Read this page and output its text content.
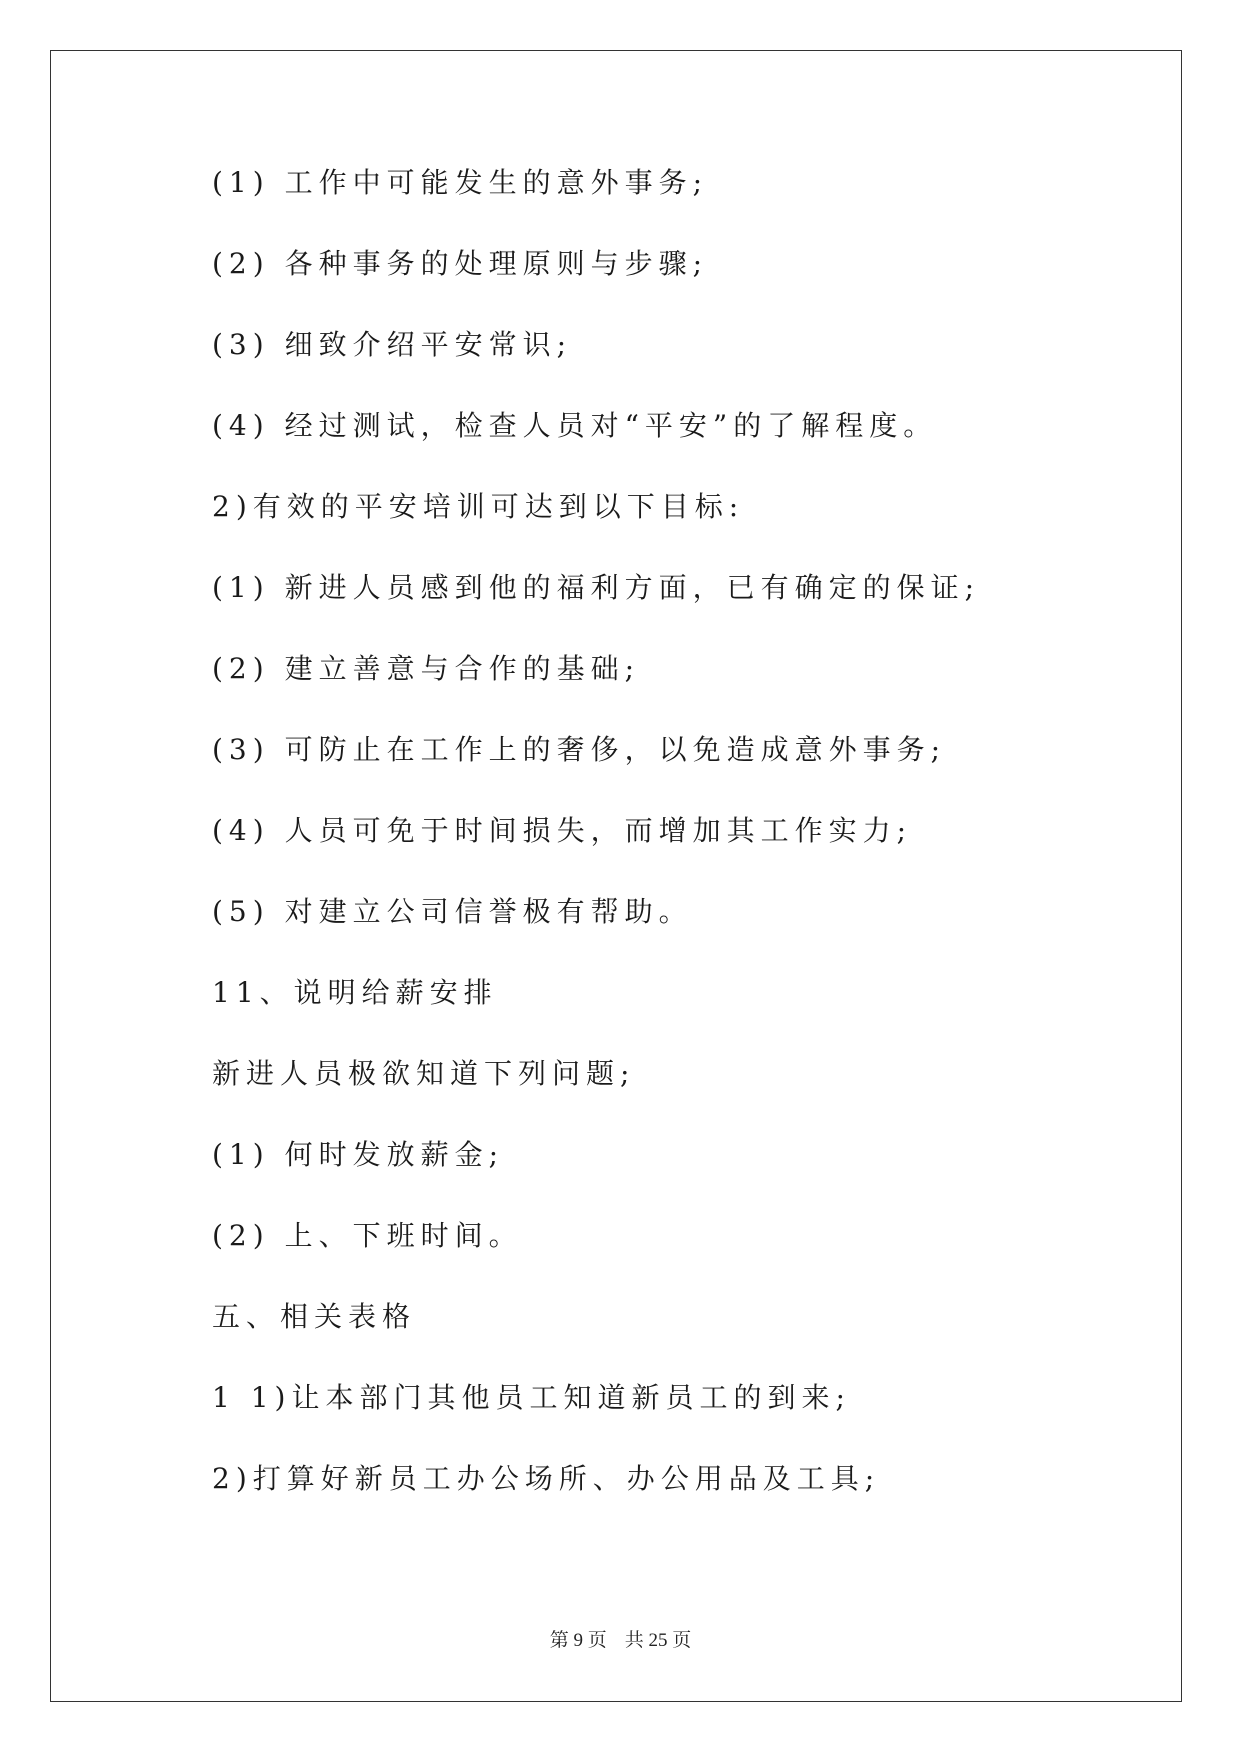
(1) 工作中可能发生的意外事务;
(2) 各种事务的处理原则与步骤;
(3) 细致介绍平安常识;
(4) 经过测试，检查人员对“平安”的了解程度。
2)有效的平安培训可达到以下目标:
(1) 新进人员感到他的福利方面，已有确定的保证;
(2) 建立善意与合作的基础;
(3) 可防止在工作上的奢侈，以免造成意外事务;
(4) 人员可免于时间损失，而增加其工作实力;
(5) 对建立公司信誉极有帮助。
11、说明给薪安排
新进人员极欲知道下列问题;
(1) 何时发放薪金;
(2) 上、下班时间。
五、相关表格
1 1)让本部门其他员工知道新员工的到来;
2)打算好新员工办公场所、办公用品及工具;
第 9 页 共 25 页
